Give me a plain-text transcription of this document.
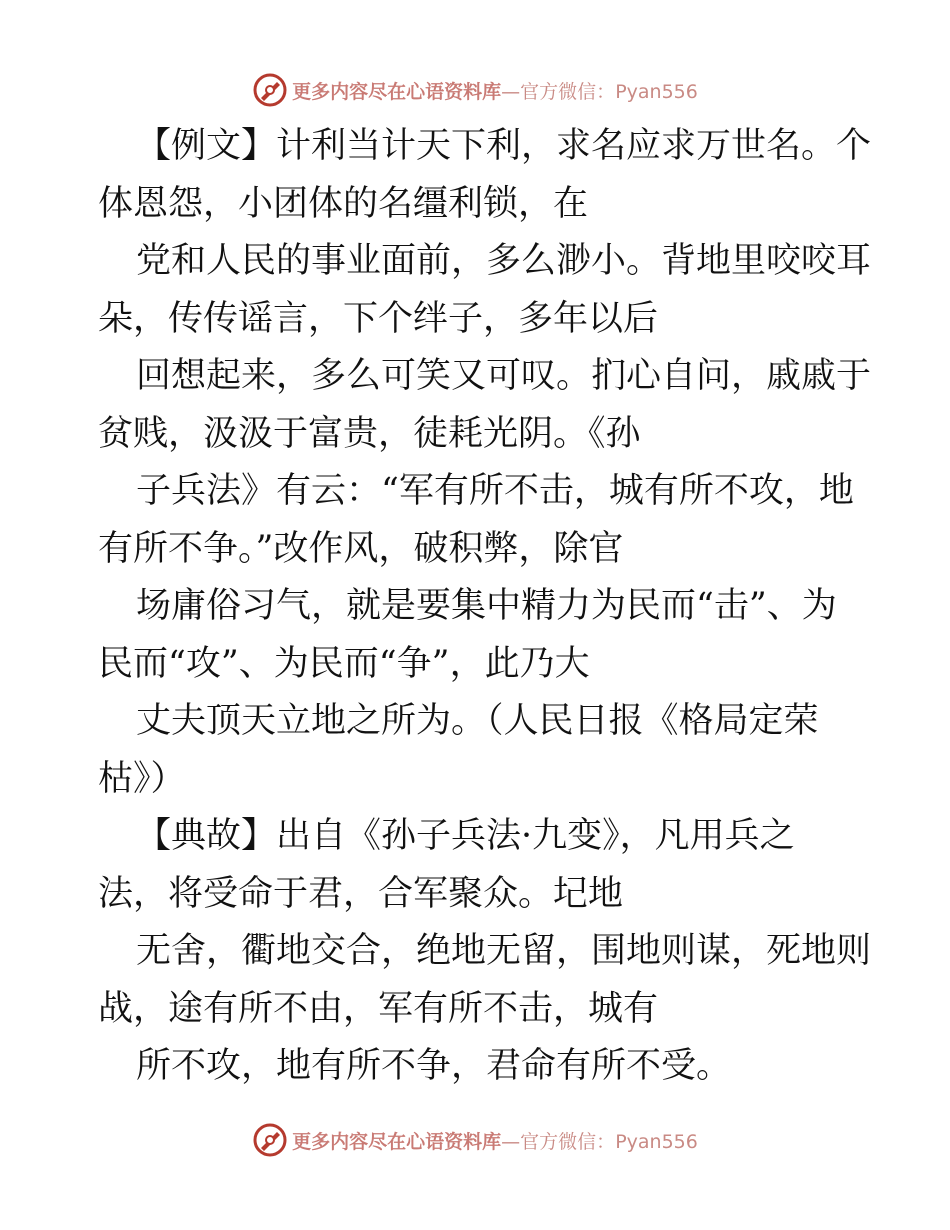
更多内容尽在心语资料库—官方微信：Pyan556
【例文】计利当计天下利，求名应求万世名。个
体恩怨，小团体的名缰利锁，在
党和人民的事业面前，多么渺小。背地里咬咬耳
朵，传传谣言，下个绊子，多年以后
回想起来，多么可笑又可叹。扪心自问，戚戚于
贫贱，汲汲于富贵，徒耗光阴。《孙
子兵法》有云：“军有所不击，城有所不攻，地
有所不争。”改作风，破积弊，除官
场庸俗习气，就是要集中精力为民而“击”、为
民而“攻”、为民而“争”，此乃大
丈夫顶天立地之所为。（人民日报《格局定荣
枯》）
【典故】出自《孙子兵法·九变》，凡用兵之
法，将受命于君，合军聚众。圮地
无舍，衢地交合，绝地无留，围地则谋，死地则
战，途有所不由，军有所不击，城有
所不攻，地有所不争，君命有所不受。
更多内容尽在心语资料库—官方微信：Pyan556
